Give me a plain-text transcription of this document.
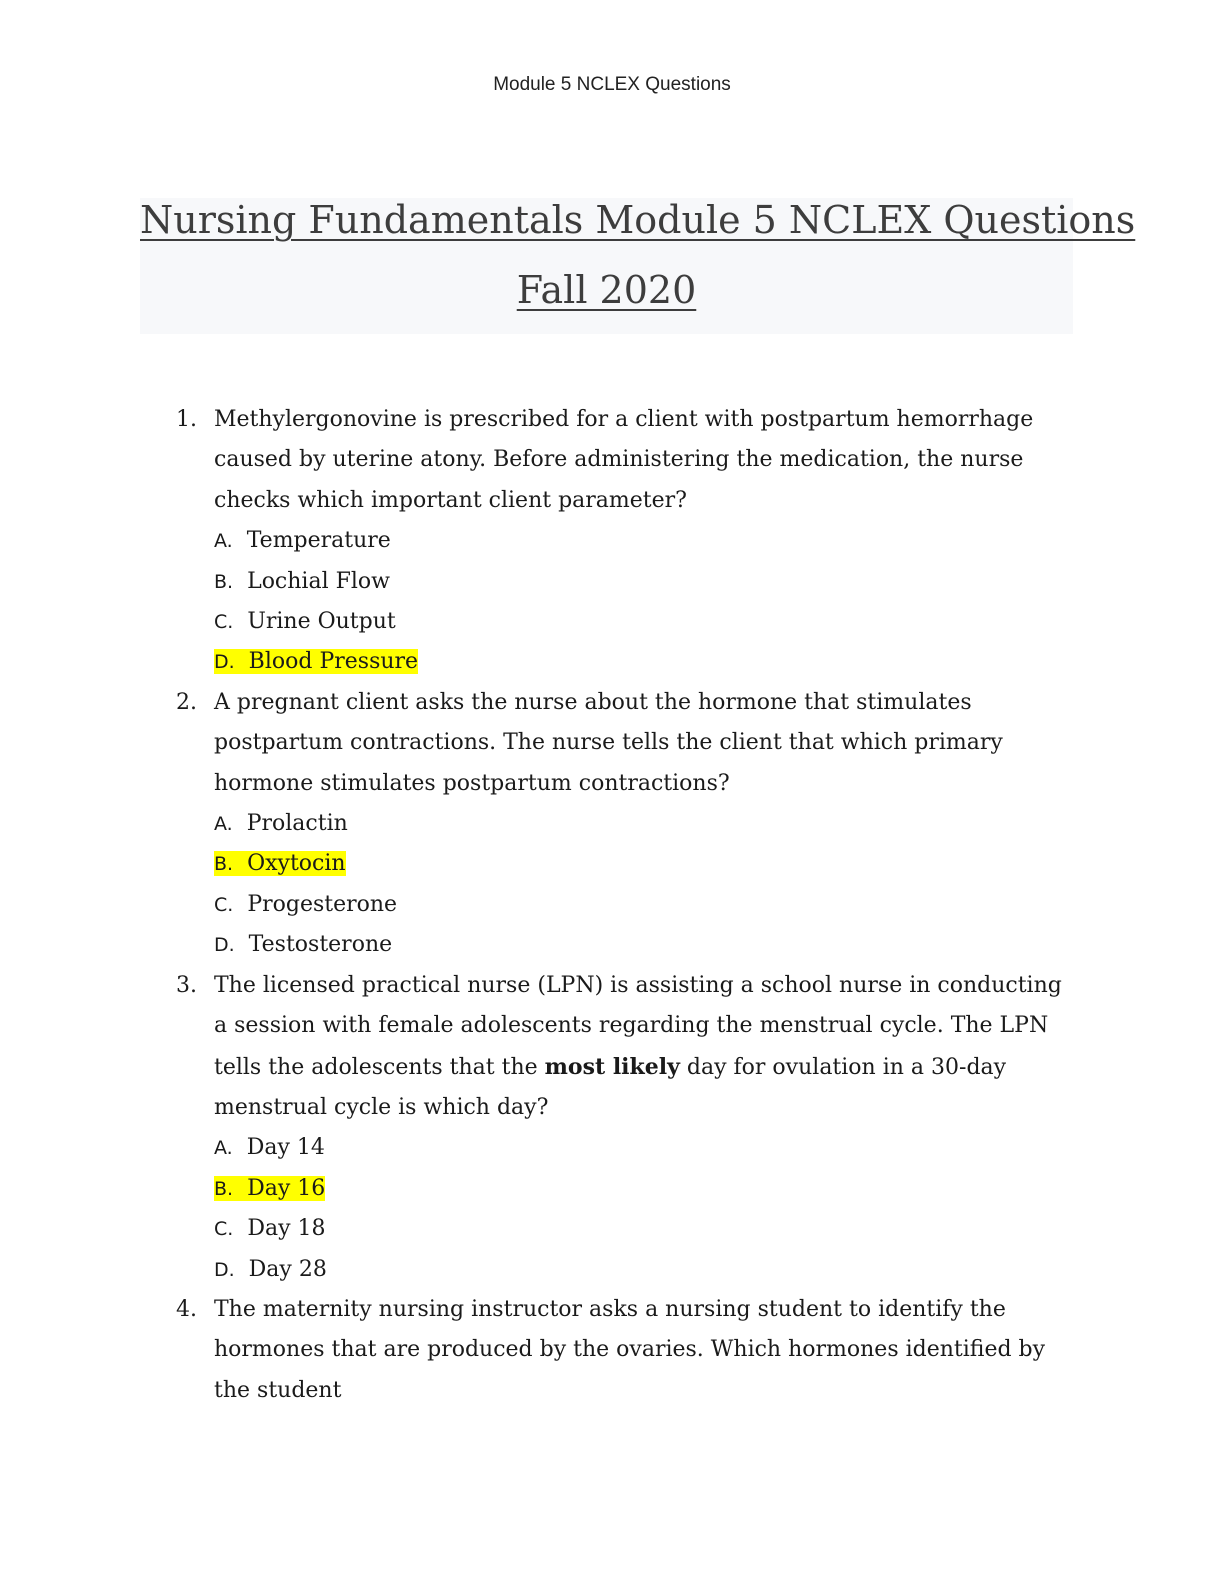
Module 5 NCLEX Questions
Nursing Fundamentals Module 5 NCLEX Questions
Fall 2020
1. Methylergonovine is prescribed for a client with postpartum hemorrhage caused by uterine atony. Before administering the medication, the nurse checks which important client parameter?
A. Temperature
B. Lochial Flow
C. Urine Output
D. Blood Pressure
2. A pregnant client asks the nurse about the hormone that stimulates postpartum contractions. The nurse tells the client that which primary hormone stimulates postpartum contractions?
A. Prolactin
B. Oxytocin
C. Progesterone
D. Testosterone
3. The licensed practical nurse (LPN) is assisting a school nurse in conducting a session with female adolescents regarding the menstrual cycle. The LPN tells the adolescents that the most likely day for ovulation in a 30-day menstrual cycle is which day?
A. Day 14
B. Day 16
C. Day 18
D. Day 28
4. The maternity nursing instructor asks a nursing student to identify the hormones that are produced by the ovaries. Which hormones identified by the student
